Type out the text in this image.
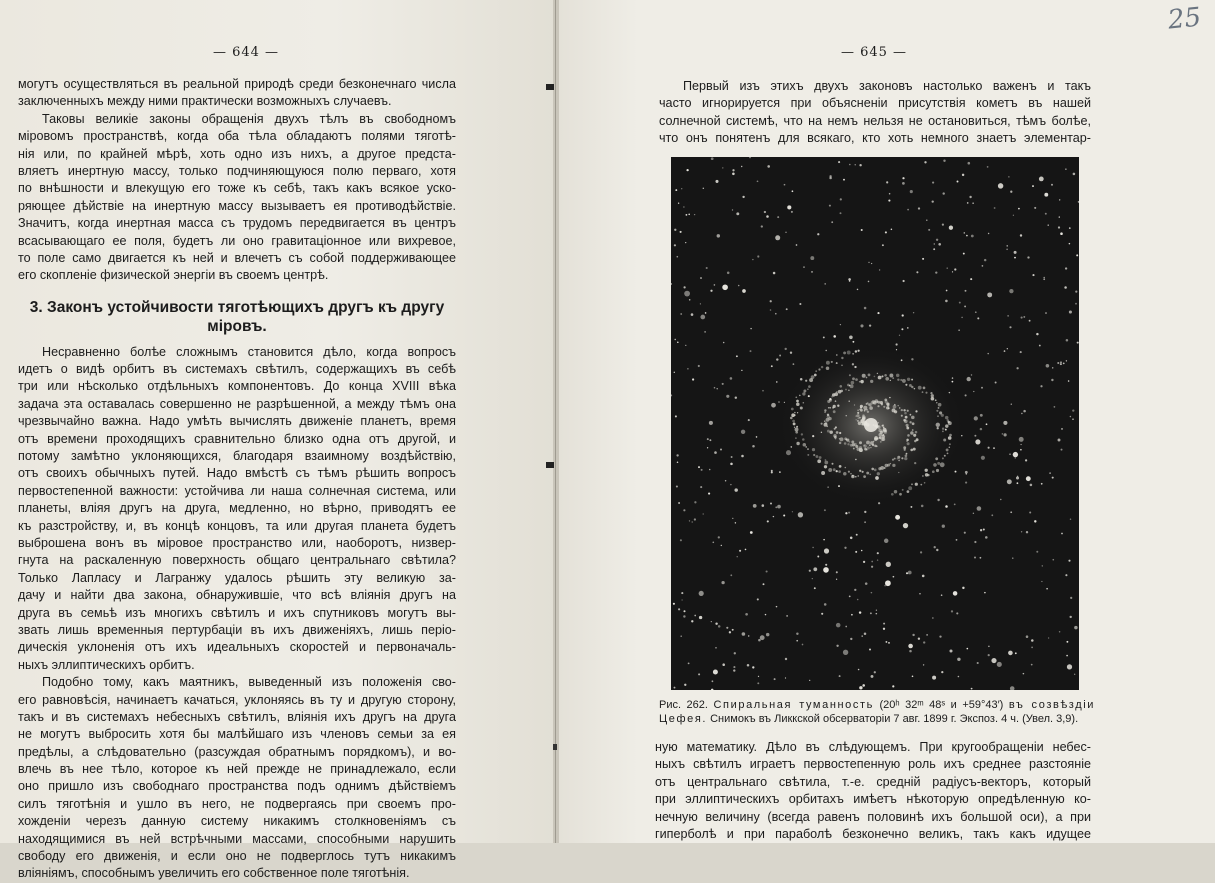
— 644 —
могутъ осуществляться въ реальной природѣ среди безконечнаго числа
заключенныхъ между ними практически возможныхъ случаевъ.
Таковы великіе законы обращенія двухъ тѣлъ въ свободномъ
міровомъ пространствѣ, когда оба тѣла обладаютъ полями тяготѣ-
нія или, по крайней мѣрѣ, хоть одно изъ нихъ, а другое предста-
вляетъ инертную массу, только подчиняющуюся полю перваго, хотя
по внѣшности и влекущую его тоже къ себѣ, такъ какъ всякое уско-
ряющее дѣйствіе на инертную массу вызываетъ ея противодѣйствіе.
Значитъ, когда инертная масса съ трудомъ передвигается въ центръ
всасывающаго ее поля, будетъ ли оно гравитаціонное или вихревое,
то поле само двигается къ ней и влечетъ съ собой поддерживающее
его скопленіе физической энергіи въ своемъ центрѣ.
3. Законъ устойчивости тяготѣющихъ другъ къ другу
міровъ.
Несравненно болѣе сложнымъ становится дѣло, когда вопросъ
идетъ о видѣ орбитъ въ системахъ свѣтилъ, содержащихъ въ себѣ
три или нѣсколько отдѣльныхъ компонентовъ. До конца XVIII вѣка
задача эта оставалась совершенно не разрѣшенной, а между тѣмъ она
чрезвычайно важна. Надо умѣть вычислять движеніе планетъ, время
отъ времени проходящихъ сравнительно близко одна отъ другой, и
потому замѣтно уклоняющихся, благодаря взаимному воздѣйствію,
отъ своихъ обычныхъ путей. Надо вмѣстѣ съ тѣмъ рѣшить вопросъ
первостепенной важности: устойчива ли наша солнечная система, или
планеты, вліяя другъ на друга, медленно, но вѣрно, приводятъ ее
къ разстройству, и, въ концѣ концовъ, та или другая планета будетъ
выброшена вонъ въ міровое пространство или, наоборотъ, низвер-
гнута на раскаленную поверхность общаго центральнаго свѣтила?
Только Лапласу и Лагранжу удалось рѣшить эту великую за-
дачу и найти два закона, обнаружившіе, что всѣ вліянія другъ на
друга въ семьѣ изъ многихъ свѣтилъ и ихъ спутниковъ могутъ вы-
звать лишь временныя пертурбаціи въ ихъ движеніяхъ, лишь періо-
дическія уклоненія отъ ихъ идеальныхъ скоростей и первоначаль-
ныхъ эллиптическихъ орбитъ.
Подобно тому, какъ маятникъ, выведенный изъ положенія сво-
его равновѣсія, начинаетъ качаться, уклоняясь въ ту и другую сторону,
такъ и въ системахъ небесныхъ свѣтилъ, вліянія ихъ другъ на друга
не могутъ выбросить хотя бы малѣйшаго изъ членовъ семьи за ея
предѣлы, а слѣдовательно (разсуждая обратнымъ порядкомъ), и во-
влечь въ нее тѣло, которое къ ней прежде не принадлежало, если
оно пришло изъ свободнаго пространства подъ однимъ дѣйствіемъ
силъ тяготѣнія и ушло въ него, не подвергаясь при своемъ про-
хожденіи черезъ данную систему никакимъ столкновеніямъ съ
находящимися въ ней встрѣчными массами, способными нарушить
свободу его движенія, и если оно не подверглось тутъ никакимъ
вліяніямъ, способнымъ увеличить его собственное поле тяготѣнія.
— 645 —
Первый изъ этихъ двухъ законовъ настолько важенъ и такъ
часто игнорируется при объясненіи присутствія кометъ въ нашей
солнечной системѣ, что на немъ нельзя не остановиться, тѣмъ болѣе,
что онъ понятенъ для всякаго, кто хоть немного знаетъ элементар-
Рис. 262. Спиральная туманность (20ʰ 32ᵐ 48ˢ и +59°43′) въ созвѣздіи
Цефея. Снимокъ въ Ликкской обсерваторіи 7 авг. 1899 г. Экспоз. 4 ч. (Увел. 3,9).
ную математику. Дѣло въ слѣдующемъ. При кругообращеніи небес-
ныхъ свѣтилъ играетъ первостепенную роль ихъ среднее разстояніе
отъ центральнаго свѣтила, т.-е. средній радіусъ-векторъ, который
при эллиптическихъ орбитахъ имѣетъ нѣкоторую опредѣленную ко-
нечную величину (всегда равенъ половинѣ ихъ большой оси), а при
гиперболѣ и при параболѣ безконечно великъ, такъ какъ идущее
25
